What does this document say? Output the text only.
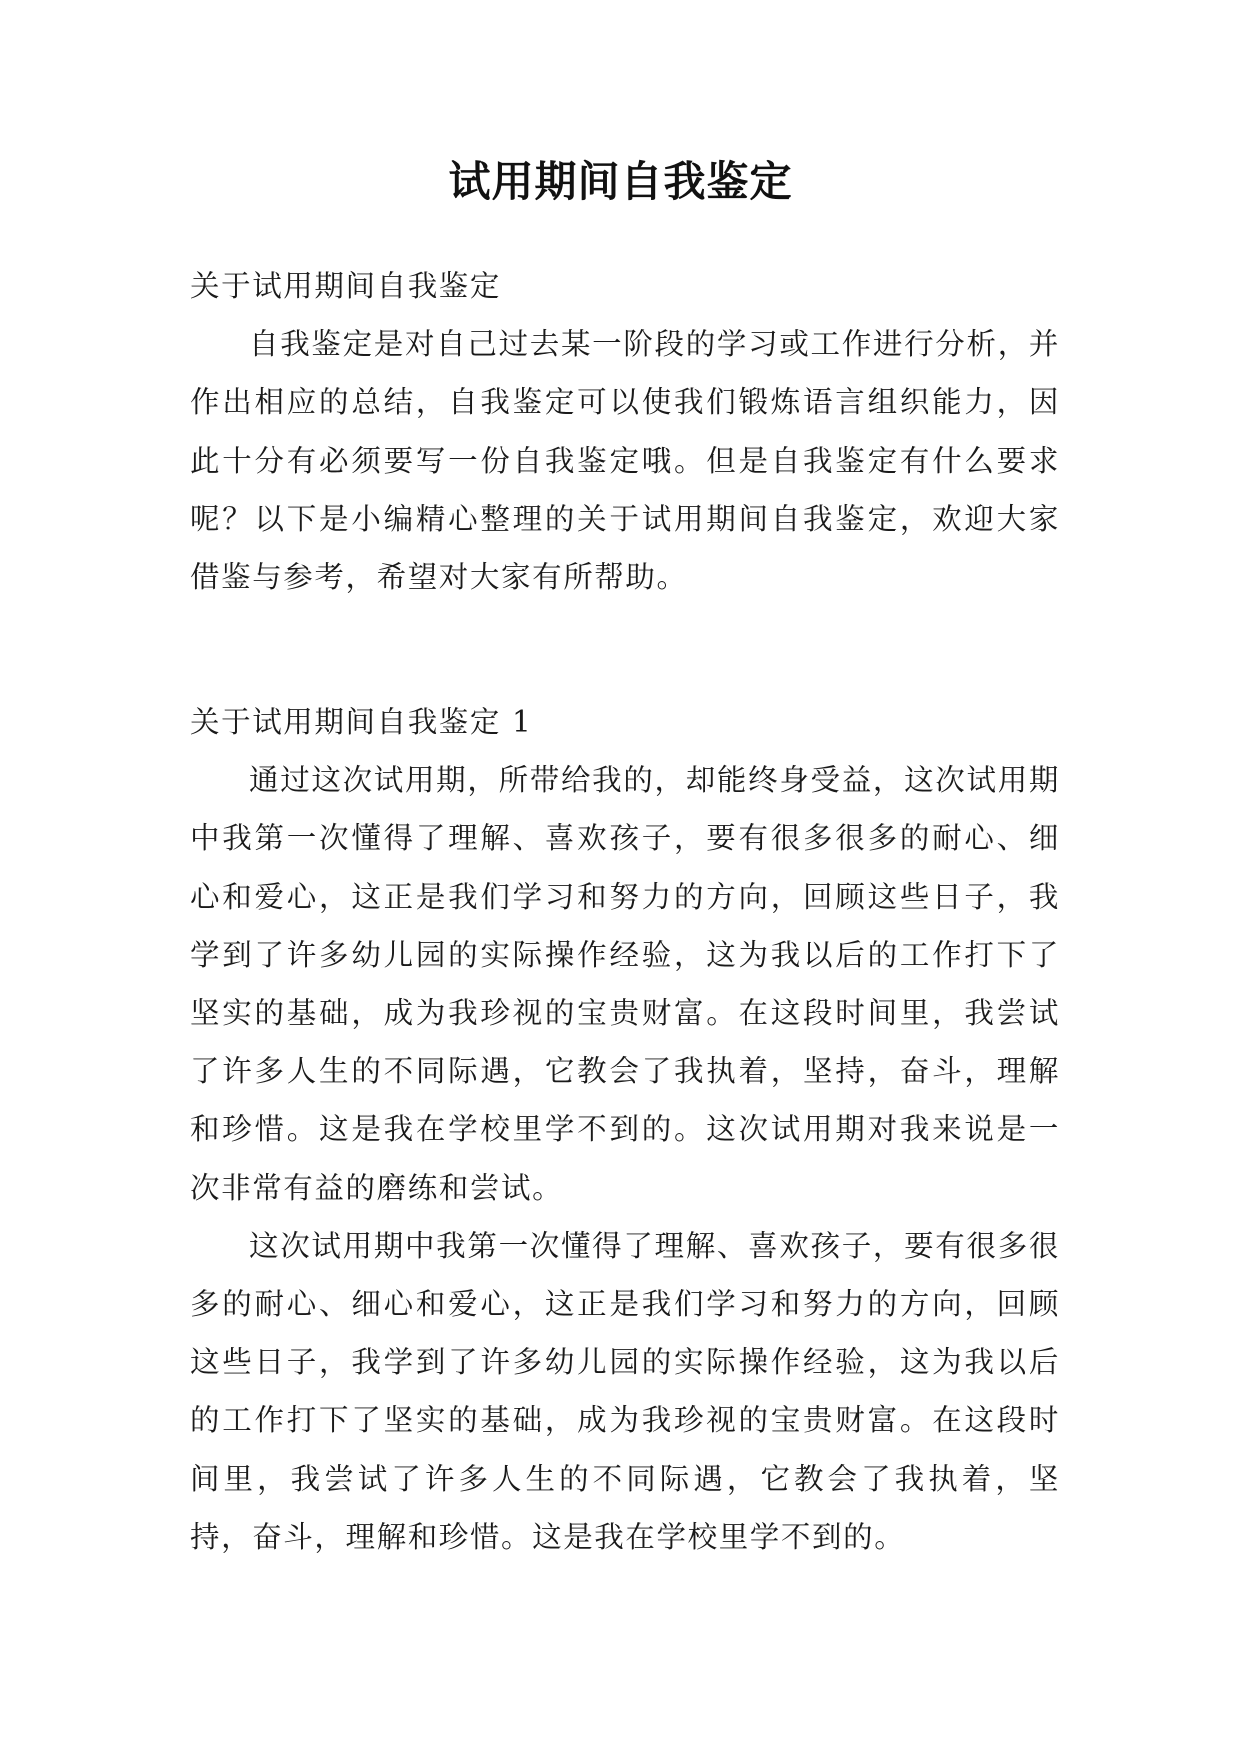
试用期间自我鉴定

关于试用期间自我鉴定

自我鉴定是对自己过去某一阶段的学习或工作进行分析，并作出相应的总结，自我鉴定可以使我们锻炼语言组织能力，因此十分有必须要写一份自我鉴定哦。但是自我鉴定有什么要求呢？以下是小编精心整理的关于试用期间自我鉴定，欢迎大家借鉴与参考，希望对大家有所帮助。

关于试用期间自我鉴定 1

通过这次试用期，所带给我的，却能终身受益，这次试用期中我第一次懂得了理解、喜欢孩子，要有很多很多的耐心、细心和爱心，这正是我们学习和努力的方向，回顾这些日子，我学到了许多幼儿园的实际操作经验，这为我以后的工作打下了坚实的基础，成为我珍视的宝贵财富。在这段时间里，我尝试了许多人生的不同际遇，它教会了我执着，坚持，奋斗，理解和珍惜。这是我在学校里学不到的。这次试用期对我来说是一次非常有益的磨练和尝试。

这次试用期中我第一次懂得了理解、喜欢孩子，要有很多很多的耐心、细心和爱心，这正是我们学习和努力的方向，回顾这些日子，我学到了许多幼儿园的实际操作经验，这为我以后的工作打下了坚实的基础，成为我珍视的宝贵财富。在这段时间里，我尝试了许多人生的不同际遇，它教会了我执着，坚持，奋斗，理解和珍惜。这是我在学校里学不到的。
